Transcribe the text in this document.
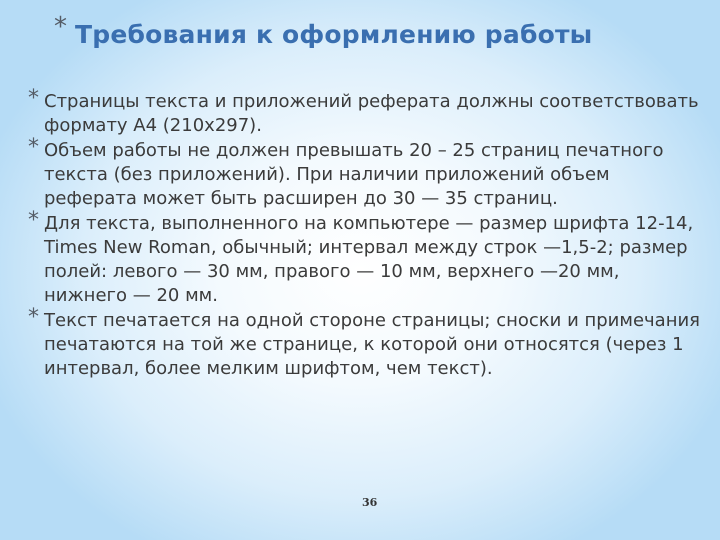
* Требования к оформлению работы
* Страницы текста и приложений реферата должны соответствовать формату А4 (210х297).
* Объем работы не должен превышать 20 – 25 страниц печатного текста (без приложений). При наличии приложений объем реферата может быть расширен до 30 — 35 страниц.
* Для текста, выполненного на компьютере — размер шрифта 12-14, Times New Roman, обычный; интервал между строк —1,5-2; размер полей: левого — 30 мм, правого — 10 мм, верхнего —20 мм, нижнего — 20 мм.
* Текст печатается на одной стороне страницы; сноски и примечания печатаются на той же странице, к которой они относятся (через 1 интервал, более мелким шрифтом, чем текст).
36
